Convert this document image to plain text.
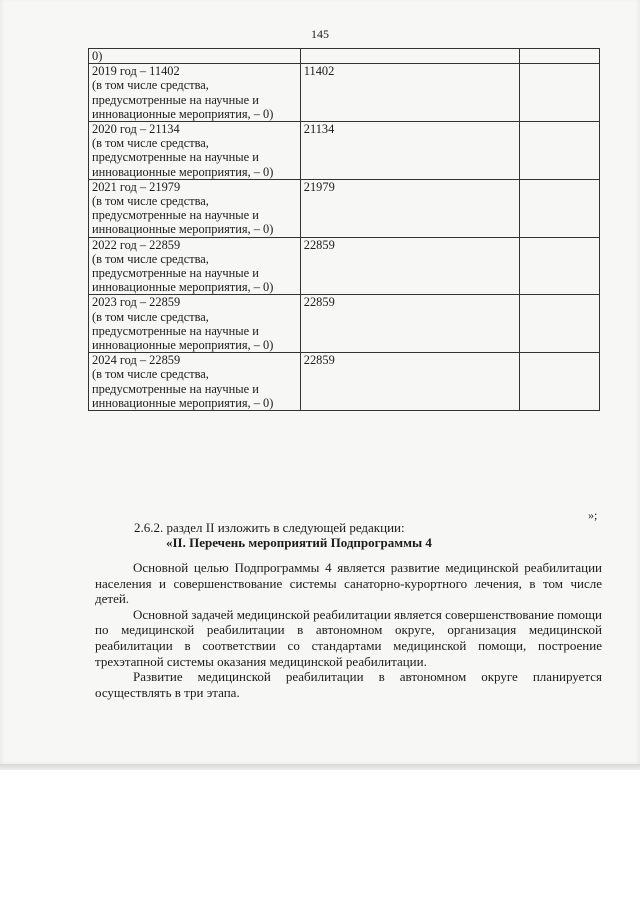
145
0)		

2019 год – 11402
(в том числе средства, предусмотренные на научные и инновационные мероприятия, – 0)	11402	

2020 год – 21134
(в том числе средства, предусмотренные на научные и инновационные мероприятия, – 0)	21134	

2021 год – 21979
(в том числе средства, предусмотренные на научные и инновационные мероприятия, – 0)	21979	

2022 год – 22859
(в том числе средства, предусмотренные на научные и инновационные мероприятия, – 0)	22859	

2023 год – 22859
(в том числе средства, предусмотренные на научные и инновационные мероприятия, – 0)	22859	

2024 год – 22859
(в том числе средства, предусмотренные на научные и инновационные мероприятия, – 0)	22859	
»;
2.6.2. раздел II изложить в следующей редакции:
«II. Перечень мероприятий Подпрограммы 4

Основной целью Подпрограммы 4 является развитие медицинской реабилитации населения и совершенствование системы санаторно-курортного лечения, в том числе детей.

Основной задачей медицинской реабилитации является совершенствование помощи по медицинской реабилитации в автономном округе, организация медицинской реабилитации в соответствии со стандартами медицинской помощи, построение трехэтапной системы оказания медицинской реабилитации.

Развитие медицинской реабилитации в автономном округе планируется осуществлять в три этапа.
